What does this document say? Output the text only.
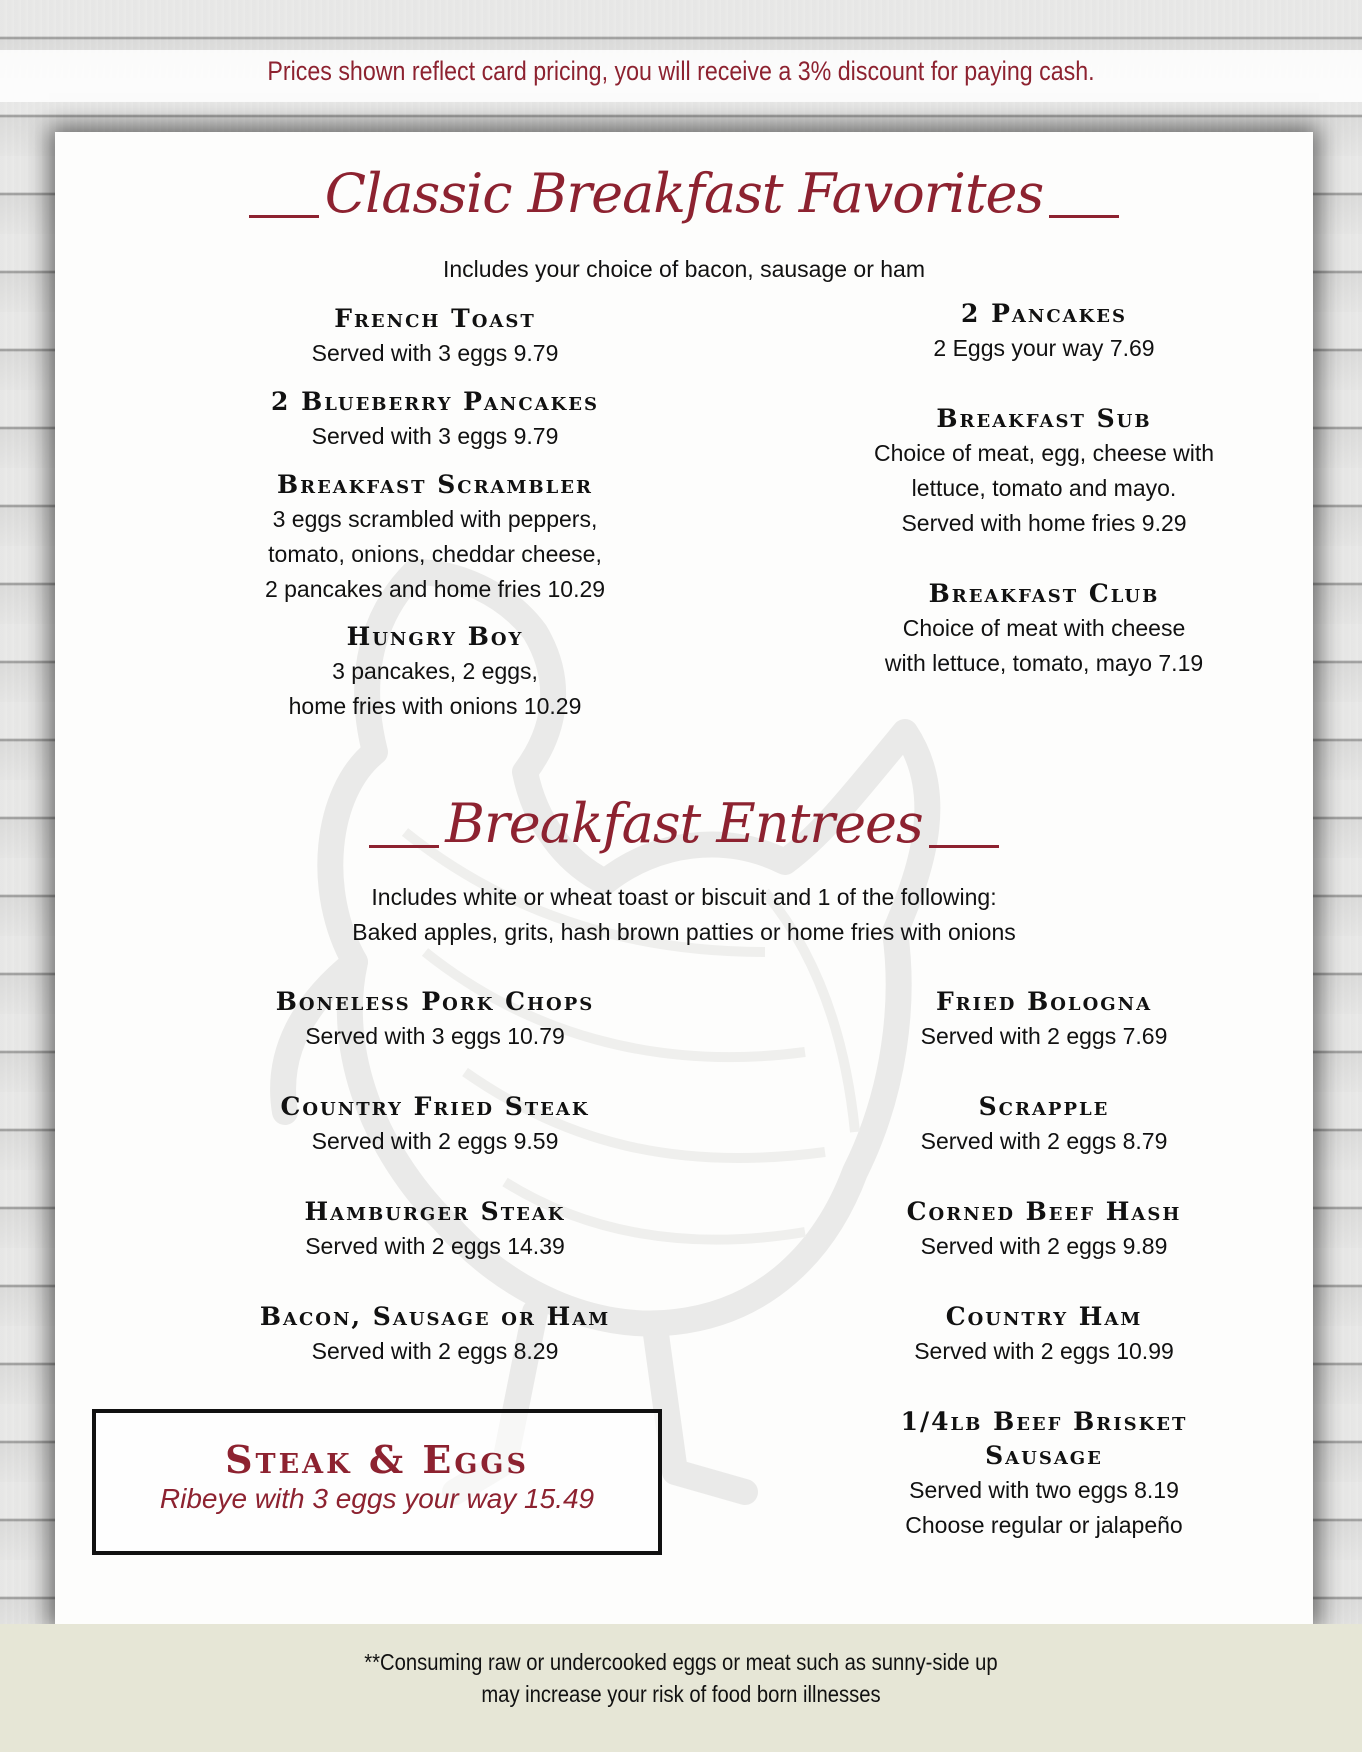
Prices shown reflect card pricing, you will receive a 3% discount for paying cash.
Classic Breakfast Favorites
Includes your choice of bacon, sausage or ham
French Toast
Served with 3 eggs 9.79
2 Blueberry Pancakes
Served with 3 eggs 9.79
Breakfast Scrambler
3 eggs scrambled with peppers,
tomato, onions, cheddar cheese,
2 pancakes and home fries 10.29
Hungry Boy
3 pancakes, 2 eggs,
home fries with onions 10.29
2 Pancakes
2 Eggs your way 7.69
Breakfast Sub
Choice of meat, egg, cheese with
lettuce, tomato and mayo.
Served with home fries 9.29
Breakfast Club
Choice of meat with cheese
with lettuce, tomato, mayo 7.19
Breakfast Entrees
Includes white or wheat toast or biscuit and 1 of the following:
Baked apples, grits, hash brown patties or home fries with onions
Boneless Pork Chops
Served with 3 eggs 10.79
Country Fried Steak
Served with 2 eggs 9.59
Hamburger Steak
Served with 2 eggs 14.39
Bacon, Sausage or Ham
Served with 2 eggs 8.29
Fried Bologna
Served with 2 eggs 7.69
Scrapple
Served with 2 eggs 8.79
Corned Beef Hash
Served with 2 eggs 9.89
Country Ham
Served with 2 eggs 10.99
1/4lb Beef Brisket
Sausage
Served with two eggs 8.19
Choose regular or jalapeño
Steak & Eggs
Ribeye with 3 eggs your way 15.49
**Consuming raw or undercooked eggs or meat such as sunny-side up
may increase your risk of food born illnesses
